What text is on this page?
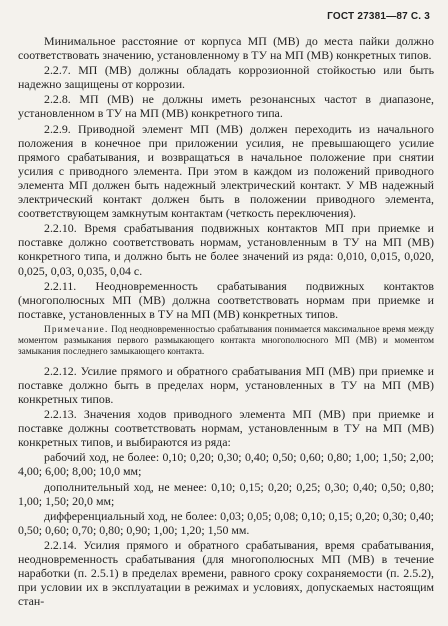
ГОСТ 27381—87 С. 3

Минимальное расстояние от корпуса МП (МВ) до места пайки должно соответствовать значению, установленному в ТУ на МП (МВ) конкретных типов.

2.2.7. МП (МВ) должны обладать коррозионной стойкостью или быть надежно защищены от коррозии.

2.2.8. МП (МВ) не должны иметь резонансных частот в диапазоне, установленном в ТУ на МП (МВ) конкретного типа.

2.2.9. Приводной элемент МП (МВ) должен переходить из начального положения в конечное при приложении усилия, не превышающего усилие прямого срабатывания, и возвращаться в начальное положение при снятии усилия с приводного элемента. При этом в каждом из положений приводного элемента МП должен быть надежный электрический контакт. У МВ надежный электрический контакт должен быть в положении приводного элемента, соответствующем замкнутым контактам (четкость переключения).

2.2.10. Время срабатывания подвижных контактов МП при приемке и поставке должно соответствовать нормам, установленным в ТУ на МП (МВ) конкретного типа, и должно быть не более значений из ряда: 0,010, 0,015, 0,020, 0,025, 0,03, 0,035, 0,04 с.

2.2.11. Неодновременность срабатывания подвижных контактов (многополюсных МП (МВ) должна соответствовать нормам при приемке и поставке, установленных в ТУ на МП (МВ) конкретных типов.

Примечание. Под неодновременностью срабатывания понимается максимальное время между моментом размыкания первого размыкающего контакта многополюсного МП (МВ) и моментом замыкания последнего замыкающего контакта.

2.2.12. Усилие прямого и обратного срабатывания МП (МВ) при приемке и поставке должно быть в пределах норм, установленных в ТУ на МП (МВ) конкретных типов.

2.2.13. Значения ходов приводного элемента МП (МВ) при приемке и поставке должны соответствовать нормам, установленным в ТУ на МП (МВ) конкретных типов, и выбираются из ряда:

рабочий ход, не более: 0,10; 0,20; 0,30; 0,40; 0,50; 0,60; 0,80; 1,00; 1,50; 2,00; 4,00; 6,00; 8,00; 10,0 мм;

дополнительный ход, не менее: 0,10; 0,15; 0,20; 0,25; 0,30; 0,40; 0,50; 0,80; 1,00; 1,50; 20,0 мм;

дифференциальный ход, не более: 0,03; 0,05; 0,08; 0,10; 0,15; 0,20; 0,30; 0,40; 0,50; 0,60; 0,70; 0,80; 0,90; 1,00; 1,20; 1,50 мм.

2.2.14. Усилия прямого и обратного срабатывания, время срабатывания, неодновременность срабатывания (для многополюсных МП (МВ) в течение наработки (п. 2.5.1) в пределах времени, равного сроку сохраняемости (п. 2.5.2), при условии их в эксплуатации в режимах и условиях, допускаемых настоящим стан-
